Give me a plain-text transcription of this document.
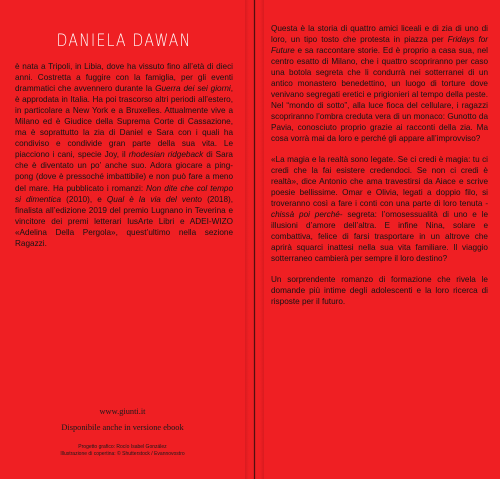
DANIELA DAWAN

è nata a Tripoli, in Libia, dove ha vissuto fino all’età di dieci anni. Costretta a fuggire con la famiglia, per gli eventi drammatici che avvennero durante la Guerra dei sei giorni, è approdata in Italia. Ha poi trascorso altri periodi all’estero, in particolare a New York e a Bruxelles. Attualmente vive a Milano ed è Giudice della Suprema Corte di Cassazione, ma è soprattutto la zia di Daniel e Sara con i quali ha condiviso e condivide gran parte della sua vita. Le piacciono i cani, specie Joy, il rhodesian ridgeback di Sara che è diventato un po’ anche suo. Adora giocare a ping-pong (dove è pressoché imbattibile) e non può fare a meno del mare. Ha pubblicato i romanzi: Non dite che col tempo si dimentica (2010), e Qual è la via del vento (2018), finalista all’edizione 2019 del premio Lugnano in Teverina e vincitore dei premi letterari IusArte Libri e ADEI-WIZO «Adelina Della Pergola», quest’ultimo nella sezione Ragazzi.

www.giunti.it
Disponibile anche in versione ebook
Progetto grafico: Rocío Isabel González
Illustrazione di copertina: © Shutterstock / Evannovostro

Questa è la storia di quattro amici liceali e di zia di uno di loro, un tipo tosto che protesta in piazza per Fridays for Future e sa raccontare storie. Ed è proprio a casa sua, nel centro esatto di Milano, che i quattro scopriranno per caso una botola segreta che li condurrà nei sotterranei di un antico monastero benedettino, un luogo di torture dove venivano segregati eretici e prigionieri al tempo della peste. Nel “mondo di sotto”, alla luce fioca del cellulare, i ragazzi scopriranno l’ombra creduta vera di un monaco: Gunotto da Pavia, conosciuto proprio grazie ai racconti della zia. Ma cosa vorrà mai da loro e perché gli appare all’improvviso?

«La magia e la realtà sono legate. Se ci credi è magia: tu ci credi che la fai esistere credendoci. Se non ci credi è realtà», dice Antonio che ama travestirsi da Aiace e scrive poesie bellissime. Omar e Olivia, legati a doppio filo, si troveranno così a fare i conti con una parte di loro tenuta -chissà poi perché- segreta: l’omosessualità di uno e le illusioni d’amore dell’altra. E infine Nina, solare e combattiva, felice di farsi trasportare in un altrove che aprirà squarci inattesi nella sua vita familiare. Il viaggio sotterraneo cambierà per sempre il loro destino?

Un sorprendente romanzo di formazione che rivela le domande più intime degli adolescenti e la loro ricerca di risposte per il futuro.
